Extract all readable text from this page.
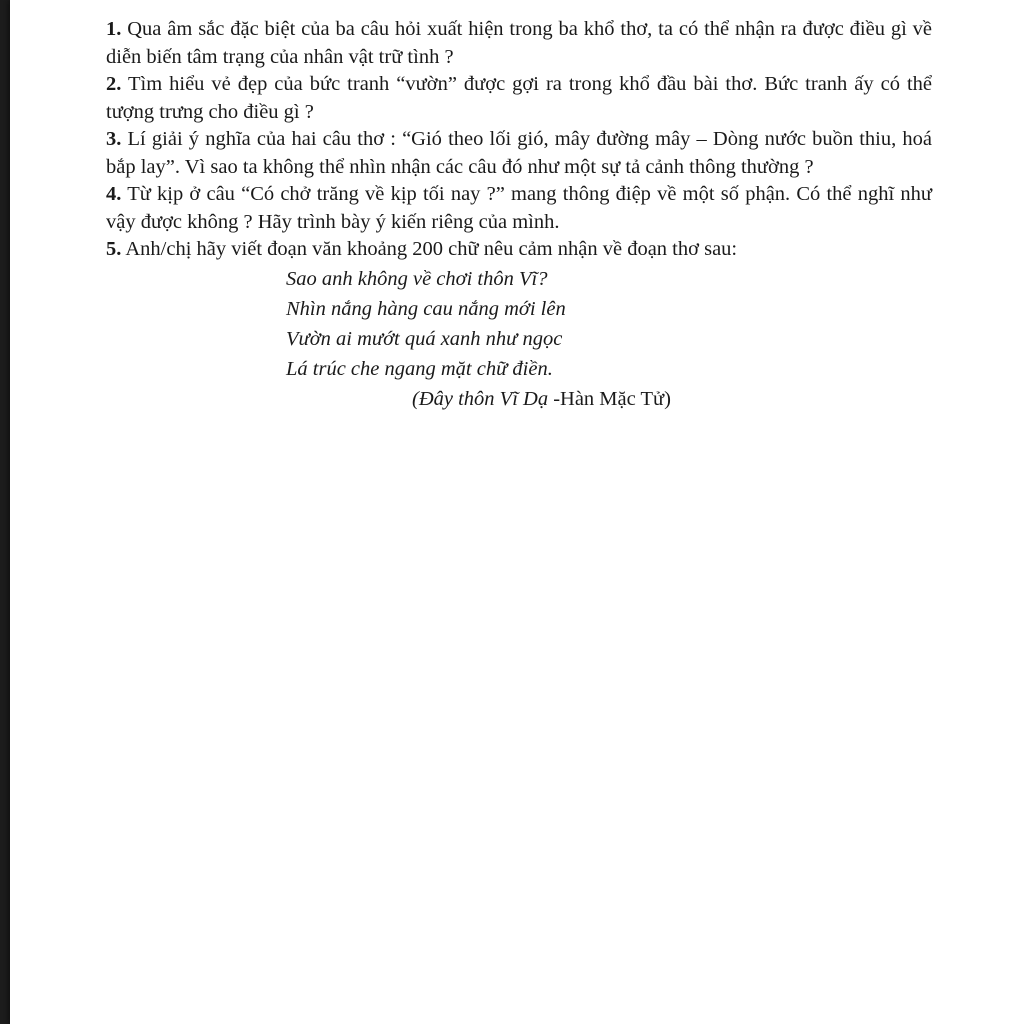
1. Qua âm sắc đặc biệt của ba câu hỏi xuất hiện trong ba khổ thơ, ta có thể nhận ra được điều gì về diễn biến tâm trạng của nhân vật trữ tình ?

2. Tìm hiểu vẻ đẹp của bức tranh “vườn” được gợi ra trong khổ đầu bài thơ. Bức tranh ấy có thể tượng trưng cho điều gì ?

3. Lí giải ý nghĩa của hai câu thơ : “Gió theo lối gió, mây đường mây – Dòng nước buồn thiu, hoá bắp lay”. Vì sao ta không thể nhìn nhận các câu đó như một sự tả cảnh thông thường ?

4. Từ kịp ở câu “Có chở trăng về kịp tối nay ?” mang thông điệp về một số phận. Có thể nghĩ như vậy được không ? Hãy trình bày ý kiến riêng của mình.

5. Anh/chị hãy viết đoạn văn khoảng 200 chữ nêu cảm nhận về đoạn thơ sau:

Sao anh không về chơi thôn Vĩ?
Nhìn nắng hàng cau nắng mới lên
Vườn ai mướt quá xanh như ngọc
Lá trúc che ngang mặt chữ điền.
(Đây thôn Vĩ Dạ -Hàn Mặc Tử)
